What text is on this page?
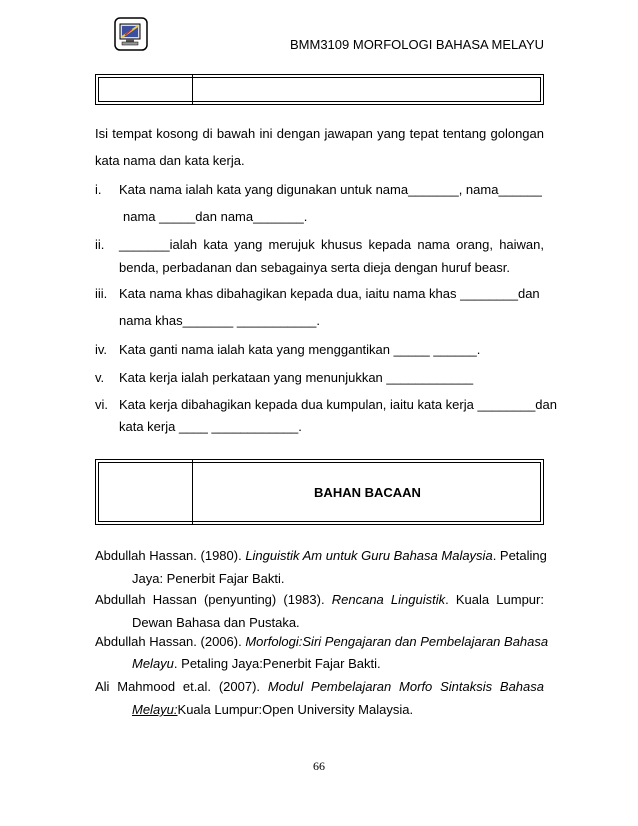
BMM3109 MORFOLOGI BAHASA MELAYU
Isi tempat kosong di bawah ini dengan jawapan yang tepat tentang golongan
kata nama dan kata kerja.
i. Kata nama ialah kata yang digunakan untuk nama_______, nama______
nama _____dan nama_______.
ii. _______ialah kata yang merujuk khusus kepada nama orang, haiwan,
benda, perbadanan dan sebagainya serta dieja dengan huruf beasr.
iii. Kata nama khas dibahagikan kepada dua, iaitu nama khas ________dan
nama khas_______ ___________.
iv. Kata ganti nama ialah kata yang menggantikan _____ ______.
v. Kata kerja ialah perkataan yang menunjukkan ____________
vi. Kata kerja dibahagikan kepada dua kumpulan, iaitu kata kerja ________dan
kata kerja ____ ____________.
BAHAN BACAAN
Abdullah Hassan. (1980). Linguistik Am untuk Guru Bahasa Malaysia. Petaling
Jaya: Penerbit Fajar Bakti.
Abdullah Hassan (penyunting) (1983). Rencana Linguistik. Kuala Lumpur:
Dewan Bahasa dan Pustaka.
Abdullah Hassan. (2006). Morfologi:Siri Pengajaran dan Pembelajaran Bahasa
Melayu. Petaling Jaya:Penerbit Fajar Bakti.
Ali Mahmood et.al. (2007). Modul Pembelajaran Morfo Sintaksis Bahasa
Melayu:Kuala Lumpur:Open University Malaysia.
66
